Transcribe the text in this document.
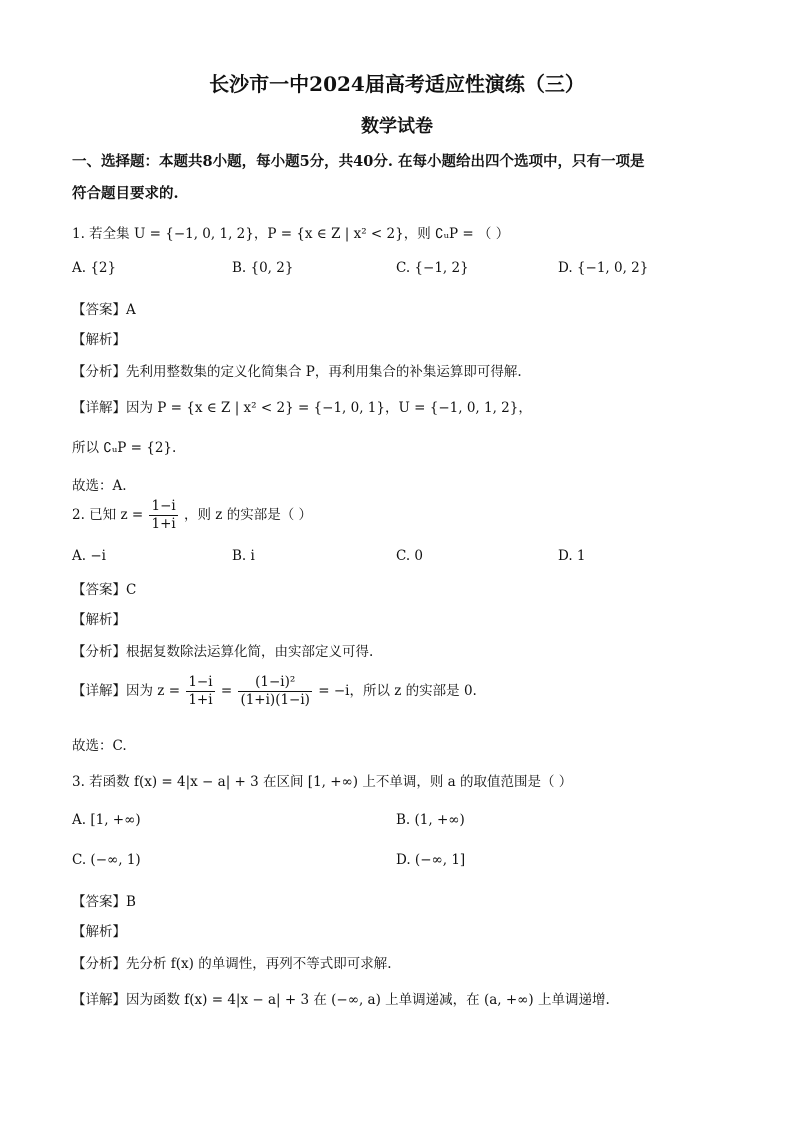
长沙市一中2024届高考适应性演练（三）
数学试卷
一、选择题：本题共8小题，每小题5分，共40分. 在每小题给出四个选项中，只有一项是
符合题目要求的.
1. 若全集 U = {−1, 0, 1, 2}，P = {x ∈ Z | x² < 2}，则 ∁ᵤP = （ ）
A. {2}	B. {0, 2}	C. {−1, 2}	D. {−1, 0, 2}
【答案】A
【解析】
【分析】先利用整数集的定义化简集合 P，再利用集合的补集运算即可得解.
【详解】因为 P = {x ∈ Z | x² < 2} = {−1, 0, 1}，U = {−1, 0, 1, 2}，
所以 ∁ᵤP = {2}.
故选：A.
2. 已知 $z = \frac{1-i}{1+i}$ ，则 z 的实部是（ ）
A. −i	B. i	C. 0	D. 1
【答案】C
【解析】
【分析】根据复数除法运算化简，由实部定义可得.
【详解】因为 $z = \frac{1-i}{1+i} = \frac{\text{(1−i)²}}{(1+i)(1-i)} = -i$，所以 z 的实部是 0.
故选：C.
3. 若函数 f(x) = 4|x − a| + 3 在区间 [1, +∞) 上不单调，则 a 的取值范围是（ ）
A. [1, +∞)	B. (1, +∞)
C. (−∞, 1)	D. (−∞, 1]
【答案】B
【解析】
【分析】先分析 f(x) 的单调性，再列不等式即可求解.
【详解】因为函数 f(x) = 4|x − a| + 3 在 (−∞, a) 上单调递减，在 (a, +∞) 上单调递增.
